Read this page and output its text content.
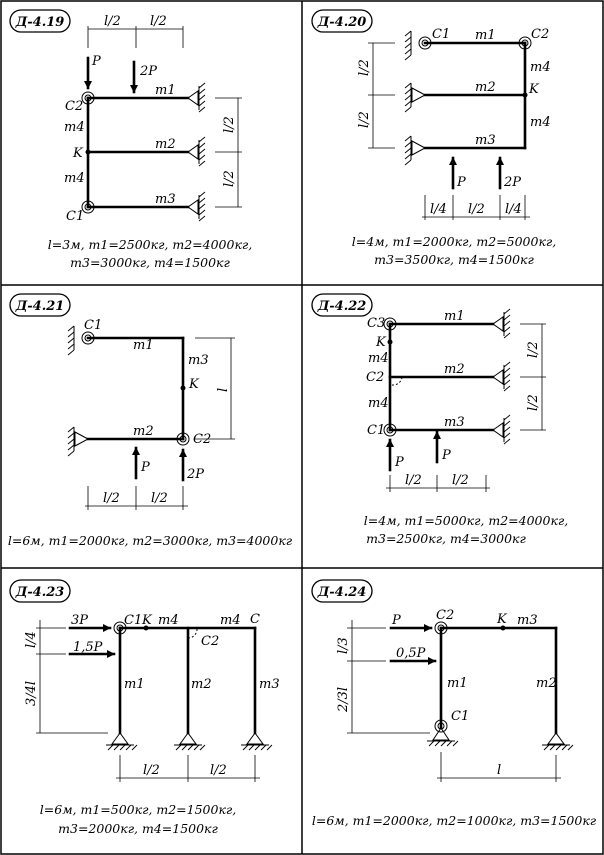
Д-4.19
P
2P
C2
C1
K
m1
m2
m3
m4
m4
l/2 l/2
l/2
l/2
l=3м, m1=2500кг, m2=4000кг,
m3=3000кг, m4=1500кг
Д-4.20
C1	C2
K
m1
m2
m3
m4
m4
P	2P
l/2
l/2
l/4 l/2 l/4
l=4м, m1=2000кг, m2=5000кг,
m3=3500кг, m4=1500кг
Д-4.21
C1
C2
K
m1
m2
m3
P	2P
l
l/2 l/2
l=6м, m1=2000кг, m2=3000кг, m3=4000кг
Д-4.22
C3
C2
C1
K
m1
m2
m3
m4
m4
P	P
l/2
l/2
l/2 l/2
l=4м, m1=5000кг, m2=4000кг,
m3=2500кг, m4=3000кг
Д-4.23
3P
1,5P
C1 K m4	m4 C
C2
m1	m2	m3
l/4
3/4l
l/2	l/2
l=6м, m1=500кг, m2=1500кг,
m3=2000кг, m4=1500кг
Д-4.24
P
0,5P
C2
C1
K m3
m1	m2
l/3
2/3l
l
l=6м, m1=2000кг, m2=1000кг, m3=1500кг
